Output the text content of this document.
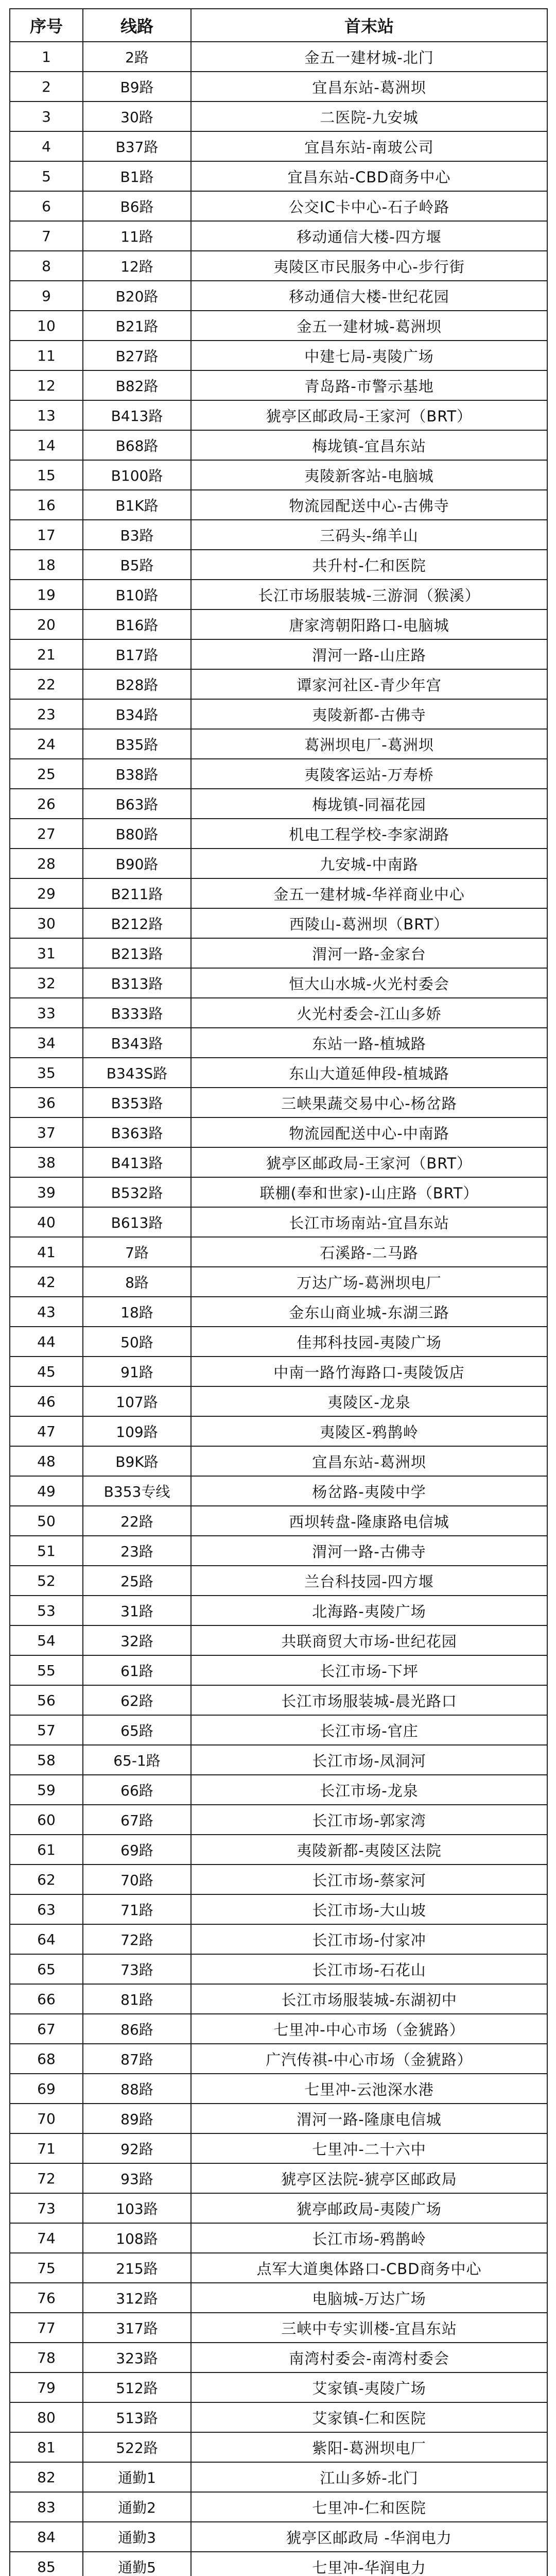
序号	线路	首末站
1	2路	金五一建材城-北门
2	B9路	宜昌东站-葛洲坝
3	30路	二医院-九安城
4	B37路	宜昌东站-南玻公司
5	B1路	宜昌东站-CBD商务中心
6	B6路	公交IC卡中心-石子岭路
7	11路	移动通信大楼-四方堰
8	12路	夷陵区市民服务中心-步行街
9	B20路	移动通信大楼-世纪花园
10	B21路	金五一建材城-葛洲坝
11	B27路	中建七局-夷陵广场
12	B82路	青岛路-市警示基地
13	B413路	猇亭区邮政局-王家河（BRT）
14	B68路	梅垅镇-宜昌东站
15	B100路	夷陵新客站-电脑城
16	B1K路	物流园配送中心-古佛寺
17	B3路	三码头-绵羊山
18	B5路	共升村-仁和医院
19	B10路	长江市场服装城-三游洞（猴溪）
20	B16路	唐家湾朝阳路口-电脑城
21	B17路	渭河一路-山庄路
22	B28路	谭家河社区-青少年宫
23	B34路	夷陵新都-古佛寺
24	B35路	葛洲坝电厂-葛洲坝
25	B38路	夷陵客运站-万寿桥
26	B63路	梅垅镇-同福花园
27	B80路	机电工程学校-李家湖路
28	B90路	九安城-中南路
29	B211路	金五一建材城-华祥商业中心
30	B212路	西陵山-葛洲坝（BRT）
31	B213路	渭河一路-金家台
32	B313路	恒大山水城-火光村委会
33	B333路	火光村委会-江山多娇
34	B343路	东站一路-植城路
35	B343S路	东山大道延伸段-植城路
36	B353路	三峡果蔬交易中心-杨岔路
37	B363路	物流园配送中心-中南路
38	B413路	猇亭区邮政局-王家河（BRT）
39	B532路	联棚(奉和世家)-山庄路（BRT）
40	B613路	长江市场南站-宜昌东站
41	7路	石溪路-二马路
42	8路	万达广场-葛洲坝电厂
43	18路	金东山商业城-东湖三路
44	50路	佳邦科技园-夷陵广场
45	91路	中南一路竹海路口-夷陵饭店
46	107路	夷陵区-龙泉
47	109路	夷陵区-鸦鹊岭
48	B9K路	宜昌东站-葛洲坝
49	B353专线	杨岔路-夷陵中学
50	22路	西坝转盘-隆康路电信城
51	23路	渭河一路-古佛寺
52	25路	兰台科技园-四方堰
53	31路	北海路-夷陵广场
54	32路	共联商贸大市场-世纪花园
55	61路	长江市场-下坪
56	62路	长江市场服装城-晨光路口
57	65路	长江市场-官庄
58	65-1路	长江市场-凤洞河
59	66路	长江市场-龙泉
60	67路	长江市场-郭家湾
61	69路	夷陵新都-夷陵区法院
62	70路	长江市场-蔡家河
63	71路	长江市场-大山坡
64	72路	长江市场-付家冲
65	73路	长江市场-石花山
66	81路	长江市场服装城-东湖初中
67	86路	七里冲-中心市场（金猇路）
68	87路	广汽传祺-中心市场（金猇路）
69	88路	七里冲-云池深水港
70	89路	渭河一路-隆康电信城
71	92路	七里冲-二十六中
72	93路	猇亭区法院-猇亭区邮政局
73	103路	猇亭邮政局-夷陵广场
74	108路	长江市场-鸦鹊岭
75	215路	点军大道奥体路口-CBD商务中心
76	312路	电脑城-万达广场
77	317路	三峡中专实训楼-宜昌东站
78	323路	南湾村委会-南湾村委会
79	512路	艾家镇-夷陵广场
80	513路	艾家镇-仁和医院
81	522路	紫阳-葛洲坝电厂
82	通勤1	江山多娇-北门
83	通勤2	七里冲-仁和医院
84	通勤3	猇亭区邮政局 -华润电力
85	通勤5	七里冲-华润电力
